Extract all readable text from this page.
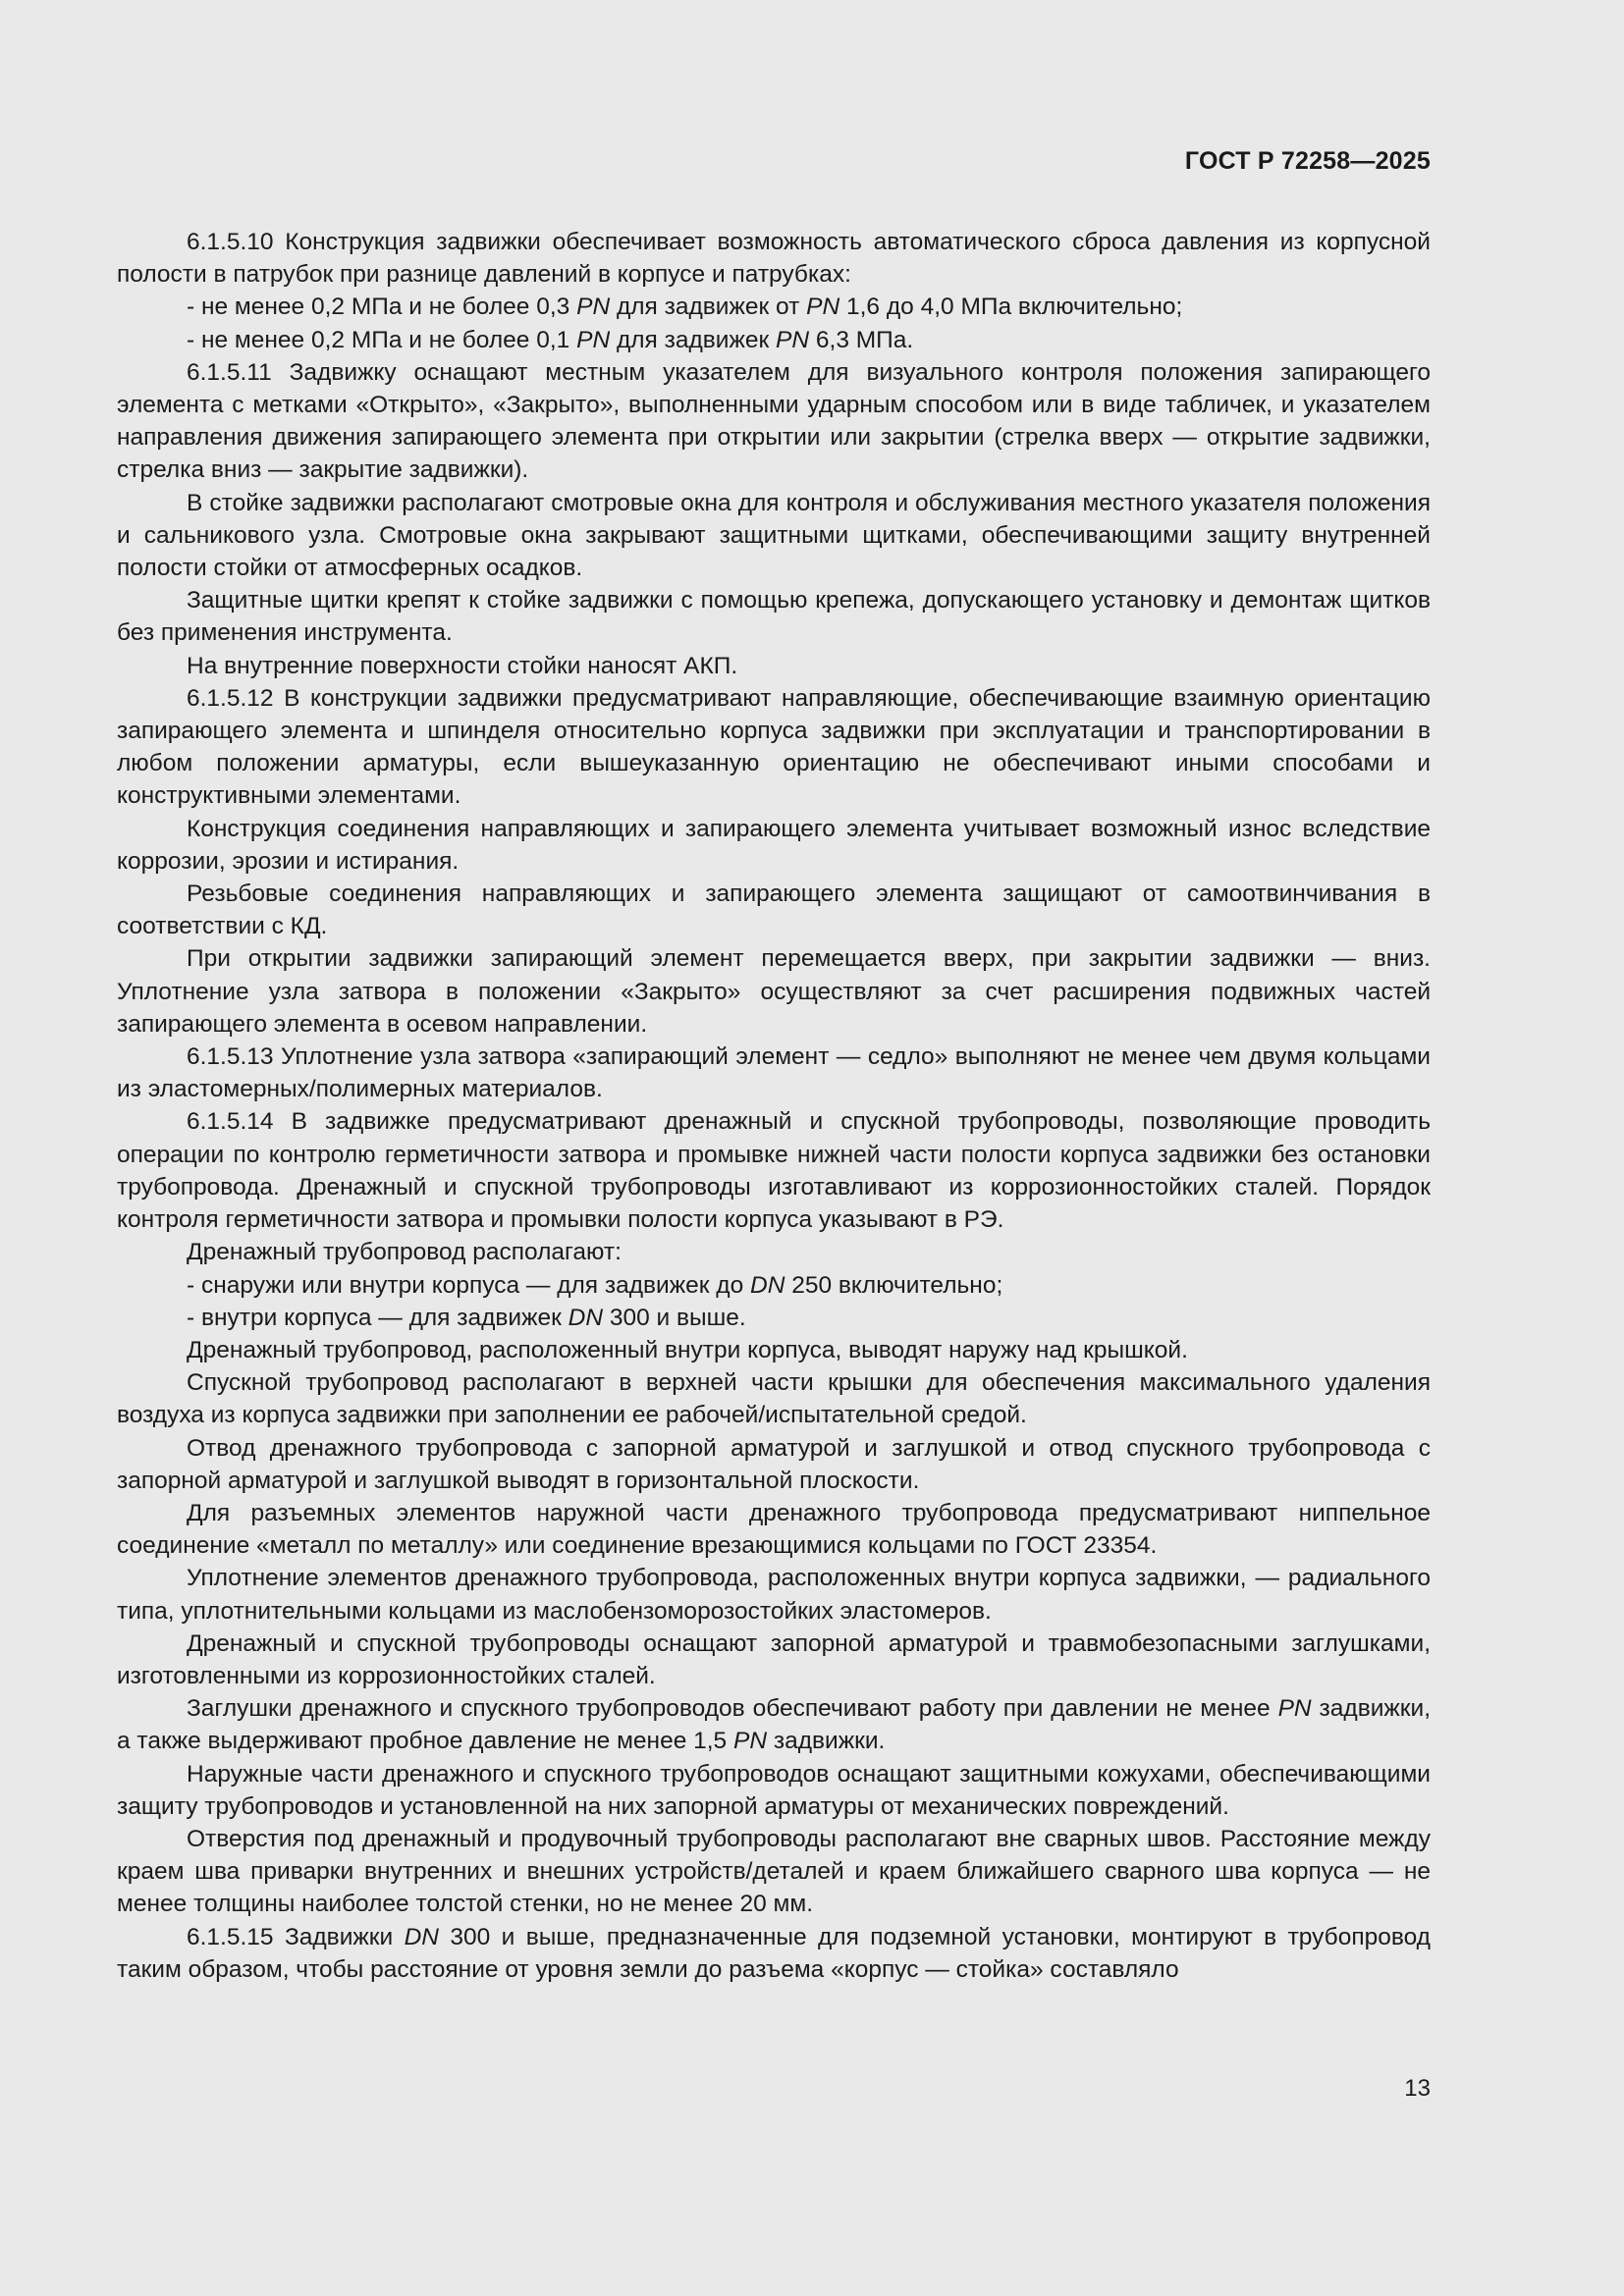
ГОСТ Р 72258—2025

6.1.5.10 Конструкция задвижки обеспечивает возможность автоматического сброса давления из корпусной полости в патрубок при разнице давлений в корпусе и патрубках:

- не менее 0,2 МПа и не более 0,3 PN для задвижек от PN 1,6 до 4,0 МПа включительно;

- не менее 0,2 МПа и не более 0,1 PN для задвижек PN 6,3 МПа.

6.1.5.11 Задвижку оснащают местным указателем для визуального контроля положения запирающего элемента с метками «Открыто», «Закрыто», выполненными ударным способом или в виде табличек, и указателем направления движения запирающего элемента при открытии или закрытии (стрелка вверх — открытие задвижки, стрелка вниз — закрытие задвижки).

В стойке задвижки располагают смотровые окна для контроля и обслуживания местного указателя положения и сальникового узла. Смотровые окна закрывают защитными щитками, обеспечивающими защиту внутренней полости стойки от атмосферных осадков.

Защитные щитки крепят к стойке задвижки с помощью крепежа, допускающего установку и демонтаж щитков без применения инструмента.

На внутренние поверхности стойки наносят АКП.

6.1.5.12 В конструкции задвижки предусматривают направляющие, обеспечивающие взаимную ориентацию запирающего элемента и шпинделя относительно корпуса задвижки при эксплуатации и транспортировании в любом положении арматуры, если вышеуказанную ориентацию не обеспечивают иными способами и конструктивными элементами.

Конструкция соединения направляющих и запирающего элемента учитывает возможный износ вследствие коррозии, эрозии и истирания.

Резьбовые соединения направляющих и запирающего элемента защищают от самоотвинчивания в соответствии с КД.

При открытии задвижки запирающий элемент перемещается вверх, при закрытии задвижки — вниз. Уплотнение узла затвора в положении «Закрыто» осуществляют за счет расширения подвижных частей запирающего элемента в осевом направлении.

6.1.5.13 Уплотнение узла затвора «запирающий элемент — седло» выполняют не менее чем двумя кольцами из эластомерных/полимерных материалов.

6.1.5.14 В задвижке предусматривают дренажный и спускной трубопроводы, позволяющие проводить операции по контролю герметичности затвора и промывке нижней части полости корпуса задвижки без остановки трубопровода. Дренажный и спускной трубопроводы изготавливают из коррозионностойких сталей. Порядок контроля герметичности затвора и промывки полости корпуса указывают в РЭ.

Дренажный трубопровод располагают:

- снаружи или внутри корпуса — для задвижек до DN 250 включительно;

- внутри корпуса — для задвижек DN 300 и выше.

Дренажный трубопровод, расположенный внутри корпуса, выводят наружу над крышкой.

Спускной трубопровод располагают в верхней части крышки для обеспечения максимального удаления воздуха из корпуса задвижки при заполнении ее рабочей/испытательной средой.

Отвод дренажного трубопровода с запорной арматурой и заглушкой и отвод спускного трубопровода с запорной арматурой и заглушкой выводят в горизонтальной плоскости.

Для разъемных элементов наружной части дренажного трубопровода предусматривают ниппельное соединение «металл по металлу» или соединение врезающимися кольцами по ГОСТ 23354.

Уплотнение элементов дренажного трубопровода, расположенных внутри корпуса задвижки, — радиального типа, уплотнительными кольцами из маслобензоморозостойких эластомеров.

Дренажный и спускной трубопроводы оснащают запорной арматурой и травмобезопасными заглушками, изготовленными из коррозионностойких сталей.

Заглушки дренажного и спускного трубопроводов обеспечивают работу при давлении не менее PN задвижки, а также выдерживают пробное давление не менее 1,5 PN задвижки.

Наружные части дренажного и спускного трубопроводов оснащают защитными кожухами, обеспечивающими защиту трубопроводов и установленной на них запорной арматуры от механических повреждений.

Отверстия под дренажный и продувочный трубопроводы располагают вне сварных швов. Расстояние между краем шва приварки внутренних и внешних устройств/деталей и краем ближайшего сварного шва корпуса — не менее толщины наиболее толстой стенки, но не менее 20 мм.

6.1.5.15 Задвижки DN 300 и выше, предназначенные для подземной установки, монтируют в трубопровод таким образом, чтобы расстояние от уровня земли до разъема «корпус — стойка» составляло

13
